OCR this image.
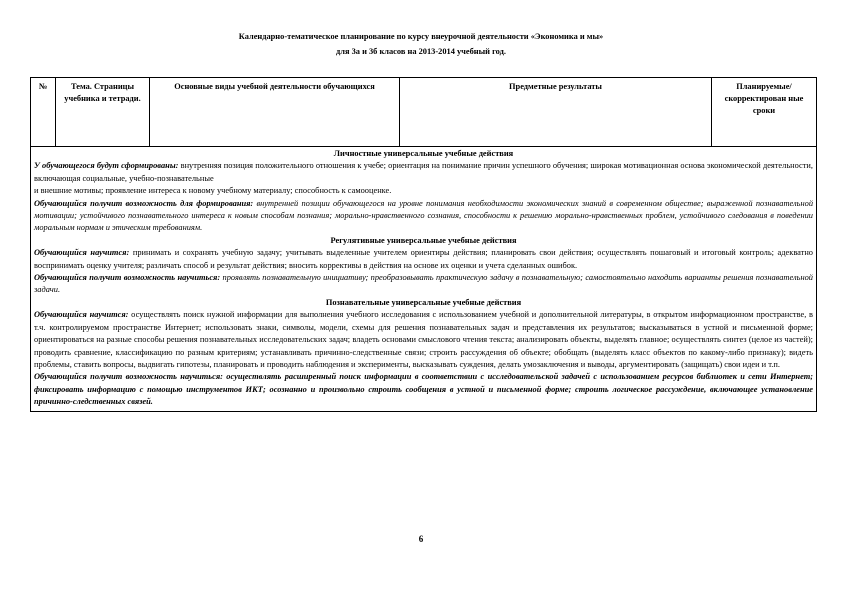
Календарно-тематическое планирование по курсу внеурочной деятельности «Экономика и мы»
для 3а и 3б класов на 2013-2014 учебный год.
№	Тема. Страницы учебника и тетради.	Основные виды учебной деятельности обучающихся	Предметные результаты	Планируемые/ скорректирован ные сроки

Личностные универсальные учебные действия

У обучающегося будут сформированы: внутренняя позиция положительного отношения к учебе; ориентация на понимание причин успешного обучения; широкая мотивационная основа экономической деятельности, включающая социальные, учебно-познавательные

и внешние мотивы; проявление интереса к новому учебному материалу; способность к самооценке.

Обучающийся получит возможность для формирования: внутренней позиции обучающегося на уровне понимания необходимости экономических знаний в современном обществе; выраженной познавательной мотивации; устойчивого познавательного интереса к новым способам познания; морально-нравственного сознания, способности к решению морально-нравственных проблем, устойчивого следования в поведении моральным нормам и этическим требованиям.

Регулятивные универсальные учебные действия

Обучающийся научится: принимать и сохранять учебную задачу; учитывать выделенные учителем ориентиры действия; планировать свои действия; осуществлять пошаговый и итоговый контроль; адекватно воспринимать оценку учителя; различать способ и результат действия; вносить коррективы в действия на основе их оценки и учета сделанных ошибок.

Обучающийся получит возможность научиться: проявлять познавательную инициативу; преобразовывать практическую задачу в познавательную; самостоятельно находить варианты решения познавательной задачи.

Познавательные универсальные учебные действия

Обучающийся научится: осуществлять поиск нужной информации для выполнения учебного исследования с использованием учебной и дополнительной литературы, в открытом информационном пространстве, в т.ч. контролируемом пространстве Интернет; использовать знаки, символы, модели, схемы для решения познавательных задач и представления их результатов; высказываться в устной и письменной форме; ориентироваться на разные способы решения познавательных исследовательских задач; владеть основами смыслового чтения текста; анализировать объекты, выделять главное; осуществлять синтез (целое из частей); проводить сравнение, классификацию по разным критериям; устанавливать причинно-следственные связи; строить рассуждения об объекте; обобщать (выделять класс объектов по какому-либо признаку); видеть проблемы, ставить вопросы, выдвигать гипотезы, планировать и проводить наблюдения и эксперименты, высказывать суждения, делать умозаключения и выводы, аргументировать (защищать) свои идеи и т.п.

Обучающийся получит возможность научиться: осуществлять расширенный поиск информации в соответствии с исследовательской задачей с использованием ресурсов библиотек и сети Интернет; фиксировать информацию с помощью инструментов ИКТ; осознанно и произвольно строить сообщения в устной и письменной форме; строить логическое рассуждение, включающее установление причинно-следственных связей.

6
